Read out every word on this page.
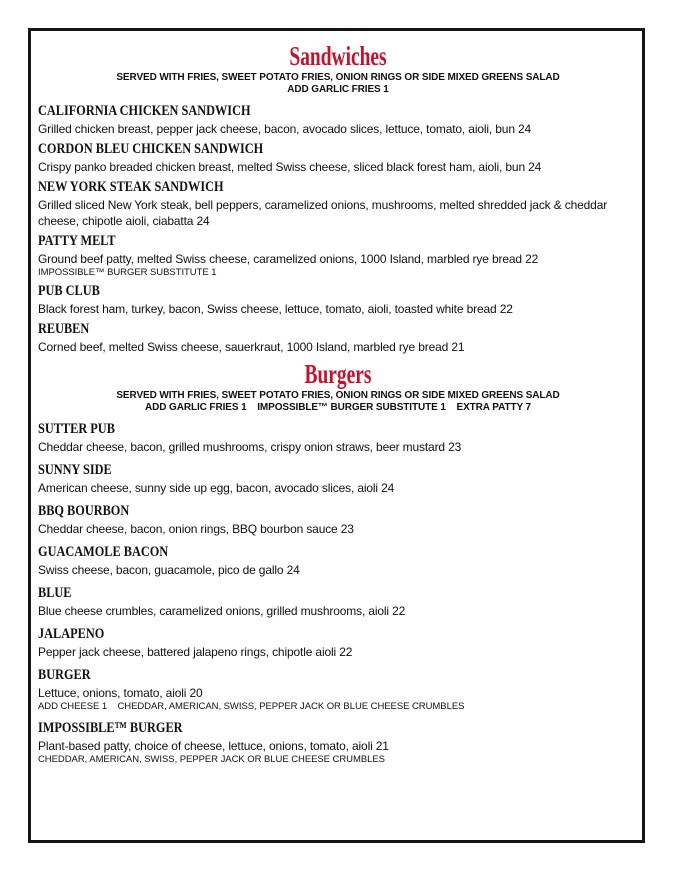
Sandwiches

SERVED WITH FRIES, SWEET POTATO FRIES, ONION RINGS OR SIDE MIXED GREENS SALAD

ADD GARLIC FRIES 1

CALIFORNIA CHICKEN SANDWICH

Grilled chicken breast, pepper jack cheese, bacon, avocado slices, lettuce, tomato, aioli, bun 24

CORDON BLEU CHICKEN SANDWICH

Crispy panko breaded chicken breast, melted Swiss cheese, sliced black forest ham, aioli, bun 24

NEW YORK STEAK SANDWICH

Grilled sliced New York steak, bell peppers, caramelized onions, mushrooms, melted shredded jack & cheddar cheese, chipotle aioli, ciabatta 24

PATTY MELT

Ground beef patty, melted Swiss cheese, caramelized onions, 1000 Island, marbled rye bread 22

IMPOSSIBLE™ BURGER SUBSTITUTE 1

PUB CLUB

Black forest ham, turkey, bacon, Swiss cheese, lettuce, tomato, aioli, toasted white bread 22

REUBEN

Corned beef, melted Swiss cheese, sauerkraut, 1000 Island, marbled rye bread 21

Burgers

SERVED WITH FRIES, SWEET POTATO FRIES, ONION RINGS OR SIDE MIXED GREENS SALAD

ADD GARLIC FRIES 1    IMPOSSIBLE™ BURGER SUBSTITUTE 1    EXTRA PATTY 7

SUTTER PUB

Cheddar cheese, bacon, grilled mushrooms, crispy onion straws, beer mustard 23

SUNNY SIDE

American cheese, sunny side up egg, bacon, avocado slices, aioli 24

BBQ BOURBON

Cheddar cheese, bacon, onion rings, BBQ bourbon sauce 23

GUACAMOLE BACON

Swiss cheese, bacon, guacamole, pico de gallo 24

BLUE

Blue cheese crumbles, caramelized onions, grilled mushrooms, aioli 22

JALAPENO

Pepper jack cheese, battered jalapeno rings, chipotle aioli 22

BURGER

Lettuce, onions, tomato, aioli 20

ADD CHEESE 1    CHEDDAR, AMERICAN, SWISS, PEPPER JACK OR BLUE CHEESE CRUMBLES

IMPOSSIBLE™ BURGER

Plant-based patty, choice of cheese, lettuce, onions, tomato, aioli 21

CHEDDAR, AMERICAN, SWISS, PEPPER JACK OR BLUE CHEESE CRUMBLES
